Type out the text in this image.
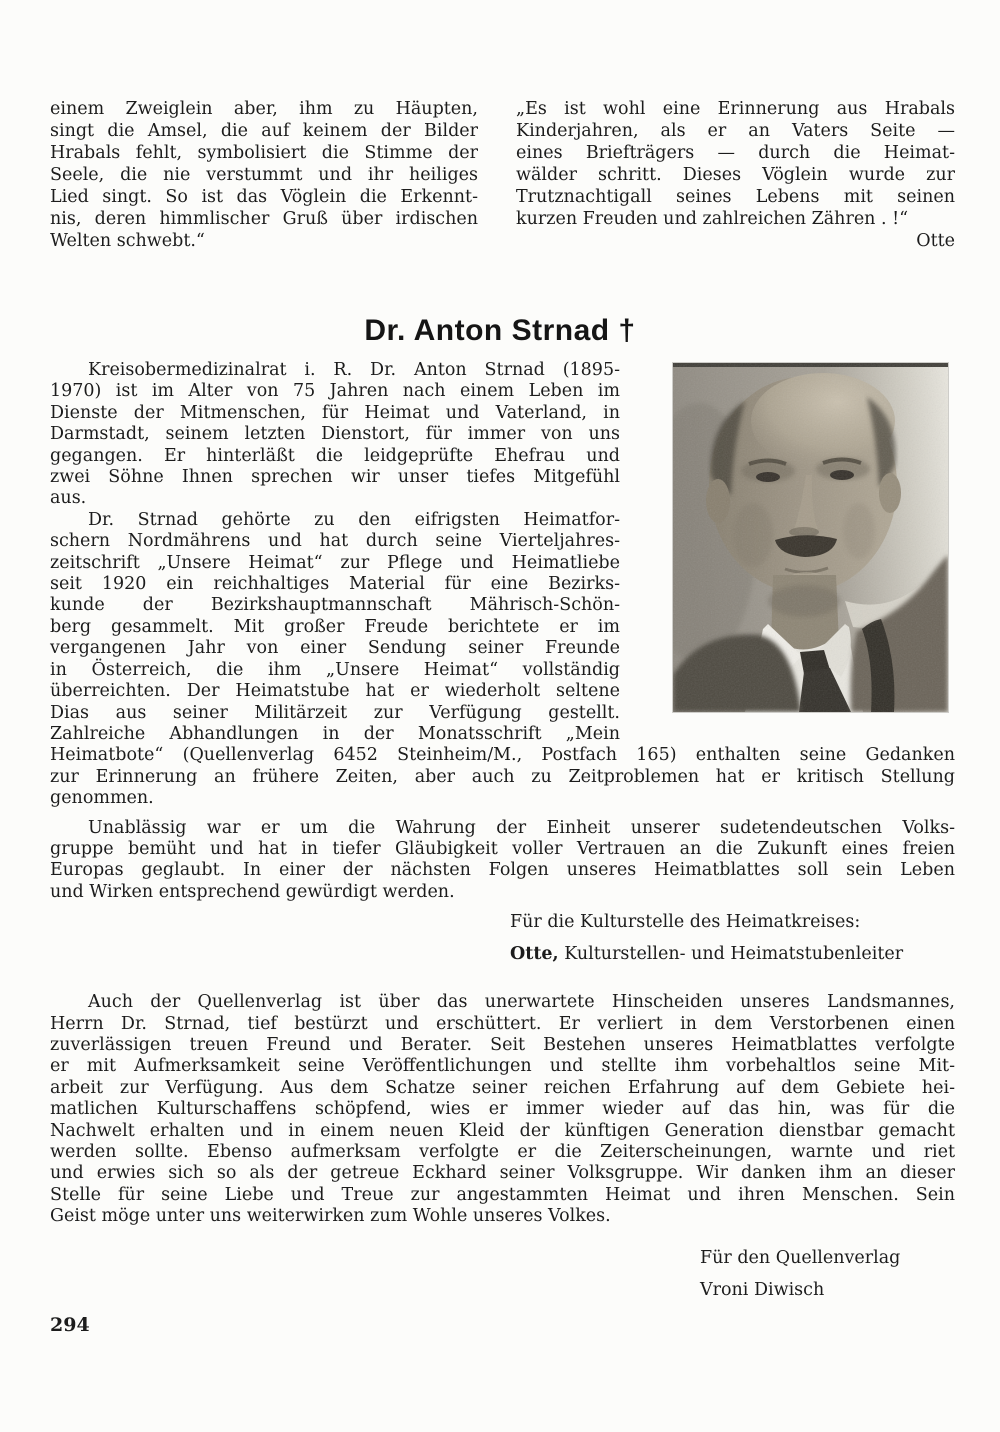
einem Zweiglein aber, ihm zu Häupten,
singt die Amsel, die auf keinem der Bilder
Hrabals fehlt, symbolisiert die Stimme der
Seele, die nie verstummt und ihr heiliges
Lied singt. So ist das Vöglein die Erkennt-
nis, deren himmlischer Gruß über irdischen
Welten schwebt.“
„Es ist wohl eine Erinnerung aus Hrabals
Kinderjahren, als er an Vaters Seite —
eines Briefträgers — durch die Heimat-
wälder schritt. Dieses Vöglein wurde zur
Trutznachtigall seines Lebens mit seinen
kurzen Freuden und zahlreichen Zähren . !“
Otte
Dr. Anton Strnad †
Kreisobermedizinalrat i. R. Dr. Anton Strnad (1895-
1970) ist im Alter von 75 Jahren nach einem Leben im
Dienste der Mitmenschen, für Heimat und Vaterland, in
Darmstadt, seinem letzten Dienstort, für immer von uns
gegangen. Er hinterläßt die leidgeprüfte Ehefrau und
zwei Söhne Ihnen sprechen wir unser tiefes Mitgefühl
aus.
Dr. Strnad gehörte zu den eifrigsten Heimatfor-
schern Nordmährens und hat durch seine Vierteljahres-
zeitschrift „Unsere Heimat“ zur Pflege und Heimatliebe
seit 1920 ein reichhaltiges Material für eine Bezirks-
kunde der Bezirkshauptmannschaft Mährisch-Schön-
berg gesammelt. Mit großer Freude berichtete er im
vergangenen Jahr von einer Sendung seiner Freunde
in Österreich, die ihm „Unsere Heimat“ vollständig
überreichten. Der Heimatstube hat er wiederholt seltene
Dias aus seiner Militärzeit zur Verfügung gestellt.
Zahlreiche Abhandlungen in der Monatsschrift „Mein
Heimatbote“ (Quellenverlag 6452 Steinheim/M., Postfach 165) enthalten seine Gedanken
zur Erinnerung an frühere Zeiten, aber auch zu Zeitproblemen hat er kritisch Stellung
genommen.
Unablässig war er um die Wahrung der Einheit unserer sudetendeutschen Volks-
gruppe bemüht und hat in tiefer Gläubigkeit voller Vertrauen an die Zukunft eines freien
Europas geglaubt. In einer der nächsten Folgen unseres Heimatblattes soll sein Leben
und Wirken entsprechend gewürdigt werden.
Für die Kulturstelle des Heimatkreises:
Otte, Kulturstellen- und Heimatstubenleiter
Auch der Quellenverlag ist über das unerwartete Hinscheiden unseres Landsmannes,
Herrn Dr. Strnad, tief bestürzt und erschüttert. Er verliert in dem Verstorbenen einen
zuverlässigen treuen Freund und Berater. Seit Bestehen unseres Heimatblattes verfolgte
er mit Aufmerksamkeit seine Veröffentlichungen und stellte ihm vorbehaltlos seine Mit-
arbeit zur Verfügung. Aus dem Schatze seiner reichen Erfahrung auf dem Gebiete hei-
matlichen Kulturschaffens schöpfend, wies er immer wieder auf das hin, was für die
Nachwelt erhalten und in einem neuen Kleid der künftigen Generation dienstbar gemacht
werden sollte. Ebenso aufmerksam verfolgte er die Zeiterscheinungen, warnte und riet
und erwies sich so als der getreue Eckhard seiner Volksgruppe. Wir danken ihm an dieser
Stelle für seine Liebe und Treue zur angestammten Heimat und ihren Menschen. Sein
Geist möge unter uns weiterwirken zum Wohle unseres Volkes.
Für den Quellenverlag
Vroni Diwisch
294
